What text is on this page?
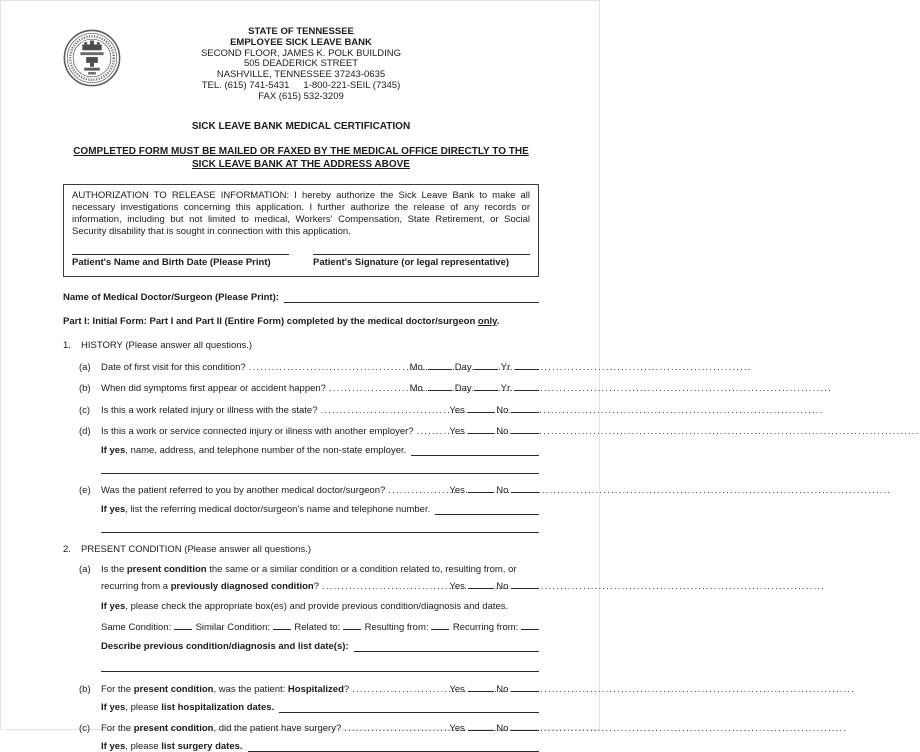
STATE OF TENNESSEE
EMPLOYEE SICK LEAVE BANK
SECOND FLOOR, JAMES K. POLK BUILDING
505 DEADERICK STREET
NASHVILLE, TENNESSEE 37243-0635
TEL. (615) 741-5431 1-800-221-SEIL (7345)
FAX (615) 532-3209
SICK LEAVE BANK MEDICAL CERTIFICATION
COMPLETED FORM MUST BE MAILED OR FAXED BY THE MEDICAL OFFICE DIRECTLY TO THE SICK LEAVE BANK AT THE ADDRESS ABOVE

AUTHORIZATION TO RELEASE INFORMATION: I hereby authorize the Sick Leave Bank to make all necessary investigations concerning this application. I further authorize the release of any records or information, including but not limited to medical, Workers' Compensation, State Retirement, or Social Security disability that is sought in connection with this application.

Patient's Name and Birth Date (Please Print)	Patient's Signature (or legal representative)
Name of Medical Doctor/Surgeon (Please Print):
Part I: Initial Form: Part I and Part II (Entire Form) completed by the medical doctor/surgeon only.
1.	HISTORY (Please answer all questions.)
(a)	Date of first visit for this condition? .....	Mo.	Day	Yr.
(b)	When did symptoms first appear or accident happen? .....	Mo.	Day	Yr.
(c)	Is this a work related injury or illness with the state? .....	Yes	No
(d)	Is this a work or service connected injury or illness with another employer? .....	Yes	No
If yes, name, address, and telephone number of the non-state employer.
(e)	Was the patient referred to you by another medical doctor/surgeon? .....	Yes	No
If yes, list the referring medical doctor/surgeon's name and telephone number.
2.	PRESENT CONDITION (Please answer all questions.)
(a) Is the present condition the same or a similar condition or a condition related to, resulting from, or
recurring from a previously diagnosed condition? .....	Yes	No
If yes, please check the appropriate box(es) and provide previous condition/diagnosis and dates.
Same Condition:	Similar Condition:	Related to:	Resulting from:	Recurring from:
Describe previous condition/diagnosis and list date(s):
(b)	For the present condition, was the patient: Hospitalized? .....	Yes	No
If yes, please list hospitalization dates.
(c)	For the present condition, did the patient have surgery? .....	Yes	No
If yes, please list surgery dates.
